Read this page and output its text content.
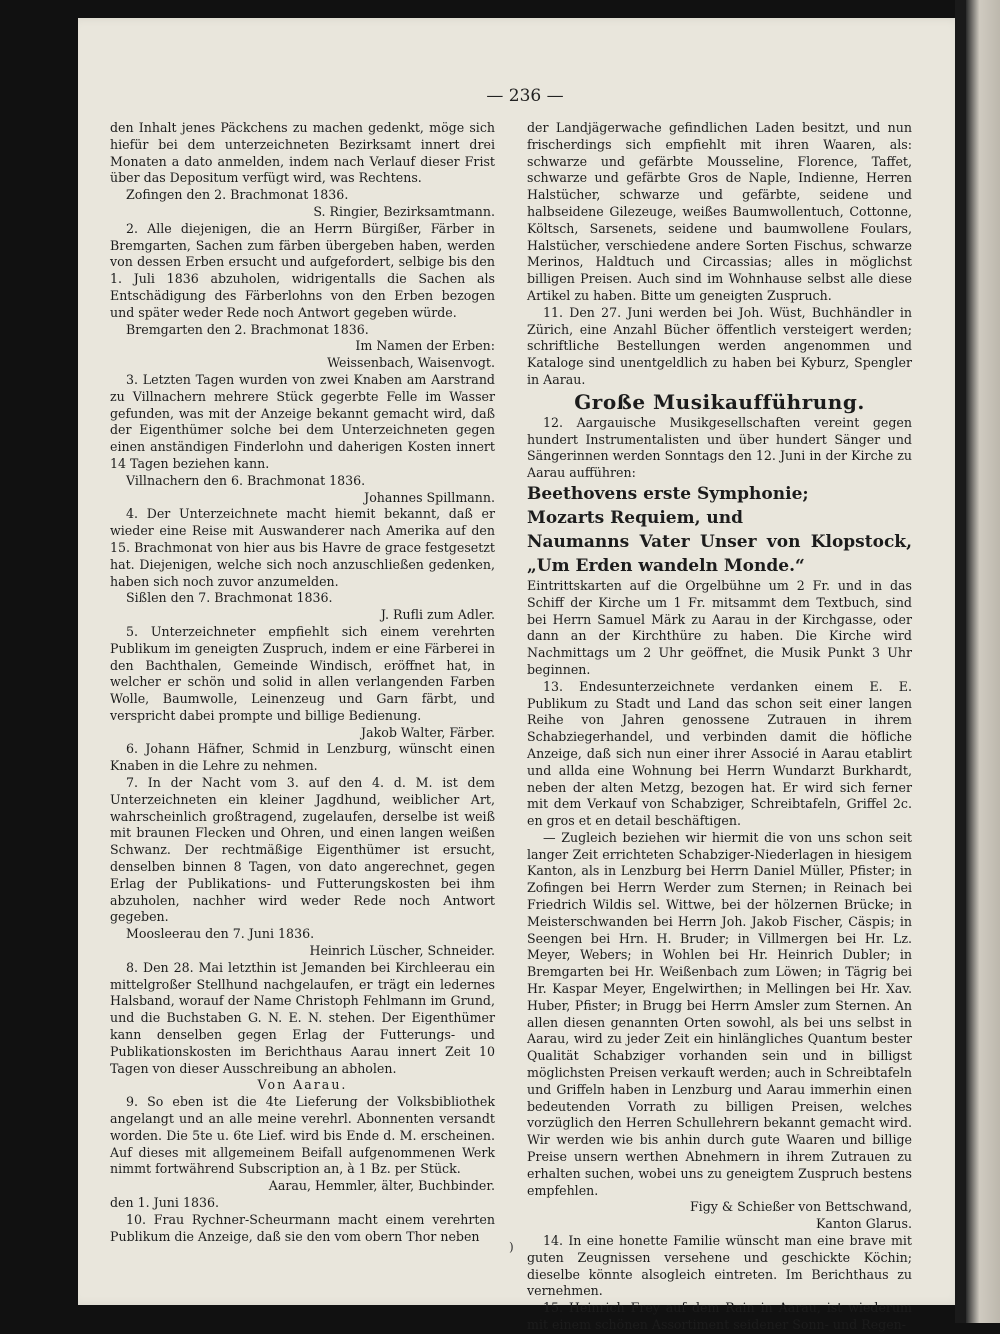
— 236 —

den Inhalt jenes Päckchens zu machen gedenkt, möge sich hiefür bei dem unterzeichneten Bezirksamt innert drei Monaten a dato anmelden, indem nach Verlauf dieser Frist über das Depositum verfügt wird, was Rechtens.

Zofingen den 2. Brachmonat 1836.

S. Ringier, Bezirksamtmann.

2. Alle diejenigen, die an Herrn Bürgißer, Färber in Bremgarten, Sachen zum färben übergeben haben, werden von dessen Erben ersucht und aufgefordert, selbige bis den 1. Juli 1836 abzuholen, widrigentalls die Sachen als Entschädigung des Färberlohns von den Erben bezogen und später weder Rede noch Antwort gegeben würde.

Bremgarten den 2. Brachmonat 1836.

Im Namen der Erben:

Weissenbach, Waisenvogt.

3. Letzten Tagen wurden von zwei Knaben am Aarstrand zu Villnachern mehrere Stück gegerbte Felle im Wasser gefunden, was mit der Anzeige bekannt gemacht wird, daß der Eigenthümer solche bei dem Unterzeichneten gegen einen anständigen Finderlohn und daherigen Kosten innert 14 Tagen beziehen kann.

Villnachern den 6. Brachmonat 1836.

Johannes Spillmann.

4. Der Unterzeichnete macht hiemit bekannt, daß er wieder eine Reise mit Auswanderer nach Amerika auf den 15. Brachmonat von hier aus bis Havre de grace festgesetzt hat. Diejenigen, welche sich noch anzuschließen gedenken, haben sich noch zuvor anzumelden.

Sißlen den 7. Brachmonat 1836.

J. Rufli zum Adler.

5. Unterzeichneter empfiehlt sich einem verehrten Publikum im geneigten Zuspruch, indem er eine Färberei in den Bachthalen, Gemeinde Windisch, eröffnet hat, in welcher er schön und solid in allen verlangenden Farben Wolle, Baumwolle, Leinenzeug und Garn färbt, und verspricht dabei prompte und billige Bedienung.

Jakob Walter, Färber.

6. Johann Häfner, Schmid in Lenzburg, wünscht einen Knaben in die Lehre zu nehmen.

7. In der Nacht vom 3. auf den 4. d. M. ist dem Unterzeichneten ein kleiner Jagdhund, weiblicher Art, wahrscheinlich großtragend, zugelaufen, derselbe ist weiß mit braunen Flecken und Ohren, und einen langen weißen Schwanz. Der rechtmäßige Eigenthümer ist ersucht, denselben binnen 8 Tagen, von dato angerechnet, gegen Erlag der Publikations- und Futterungskosten bei ihm abzuholen, nachher wird weder Rede noch Antwort gegeben.

Moosleerau den 7. Juni 1836.

Heinrich Lüscher, Schneider.

8. Den 28. Mai letzthin ist Jemanden bei Kirchleerau ein mittelgroßer Stellhund nachgelaufen, er trägt ein ledernes Halsband, worauf der Name Christoph Fehlmann im Grund, und die Buchstaben G. N. E. N. stehen. Der Eigenthümer kann denselben gegen Erlag der Futterungs- und Publikationskosten im Berichthaus Aarau innert Zeit 10 Tagen von dieser Ausschreibung an abholen.

Von Aarau.

9. So eben ist die 4te Lieferung der Volksbibliothek angelangt und an alle meine verehrl. Abonnenten versandt worden. Die 5te u. 6te Lief. wird bis Ende d. M. erscheinen. Auf dieses mit allgemeinem Beifall aufgenommenen Werk nimmt fortwährend Subscription an, à 1 Bz. per Stück.

Aarau, Hemmler, älter, Buchbinder.

den 1. Juni 1836.

10. Frau Rychner-Scheurmann macht einem verehrten Publikum die Anzeige, daß sie den vom obern Thor neben

der Landjägerwache gefindlichen Laden besitzt, und nun frischerdings sich empfiehlt mit ihren Waaren, als: schwarze und gefärbte Mousseline, Florence, Taffet, schwarze und gefärbte Gros de Naple, Indienne, Herren Halstücher, schwarze und gefärbte, seidene und halbseidene Gilezeuge, weißes Baumwollentuch, Cottonne, Költsch, Sarsenets, seidene und baumwollene Foulars, Halstücher, verschiedene andere Sorten Fischus, schwarze Merinos, Haldtuch und Circassias; alles in möglichst billigen Preisen. Auch sind im Wohnhause selbst alle diese Artikel zu haben. Bitte um geneigten Zuspruch.

11. Den 27. Juni werden bei Joh. Wüst, Buchhändler in Zürich, eine Anzahl Bücher öffentlich versteigert werden; schriftliche Bestellungen werden angenommen und Kataloge sind unentgeldlich zu haben bei Kyburz, Spengler in Aarau.

Große Musikaufführung.

12. Aargauische Musikgesellschaften vereint gegen hundert Instrumentalisten und über hundert Sänger und Sängerinnen werden Sonntags den 12. Juni in der Kirche zu Aarau aufführen:

Beethovens erste Symphonie;

Mozarts Requiem, und

Naumanns Vater Unser von Klopstock, „Um Erden wandeln Monde.“

Eintrittskarten auf die Orgelbühne um 2 Fr. und in das Schiff der Kirche um 1 Fr. mitsammt dem Textbuch, sind bei Herrn Samuel Märk zu Aarau in der Kirchgasse, oder dann an der Kirchthüre zu haben. Die Kirche wird Nachmittags um 2 Uhr geöffnet, die Musik Punkt 3 Uhr beginnen.

13. Endesunterzeichnete verdanken einem E. E. Publikum zu Stadt und Land das schon seit einer langen Reihe von Jahren genossene Zutrauen in ihrem Schabziegerhandel, und verbinden damit die höfliche Anzeige, daß sich nun einer ihrer Associé in Aarau etablirt und allda eine Wohnung bei Herrn Wundarzt Burkhardt, neben der alten Metzg, bezogen hat. Er wird sich ferner mit dem Verkauf von Schabziger, Schreibtafeln, Griffel 2c. en gros et en detail beschäftigen.

— Zugleich beziehen wir hiermit die von uns schon seit langer Zeit errichteten Schabziger-Niederlagen in hiesigem Kanton, als in Lenzburg bei Herrn Daniel Müller, Pfister; in Zofingen bei Herrn Werder zum Sternen; in Reinach bei Friedrich Wildis sel. Wittwe, bei der hölzernen Brücke; in Meisterschwanden bei Herrn Joh. Jakob Fischer, Cäspis; in Seengen bei Hrn. H. Bruder; in Villmergen bei Hr. Lz. Meyer, Webers; in Wohlen bei Hr. Heinrich Dubler; in Bremgarten bei Hr. Weißenbach zum Löwen; in Tägrig bei Hr. Kaspar Meyer, Engelwirthen; in Mellingen bei Hr. Xav. Huber, Pfister; in Brugg bei Herrn Amsler zum Sternen. An allen diesen genannten Orten sowohl, als bei uns selbst in Aarau, wird zu jeder Zeit ein hinlängliches Quantum bester Qualität Schabziger vorhanden sein und in billigst möglichsten Preisen verkauft werden; auch in Schreibtafeln und Griffeln haben in Lenzburg und Aarau immerhin einen bedeutenden Vorrath zu billigen Preisen, welches vorzüglich den Herren Schullehrern bekannt gemacht wird. Wir werden wie bis anhin durch gute Waaren und billige Preise unsern werthen Abnehmern in ihrem Zutrauen zu erhalten suchen, wobei uns zu geneigtem Zuspruch bestens empfehlen.

Figy & Schießer von Bettschwand,

Kanton Glarus.

14. In eine honette Familie wünscht man eine brave mit guten Zeugnissen versehene und geschickte Köchin; dieselbe könnte alsogleich eintreten. Im Berichthaus zu vernehmen.

15. Heinrich Frey auf dem Rain in Aarau, ist wiederum mit einem schönen Assortiment seidener Sonn- und Regen-

)
